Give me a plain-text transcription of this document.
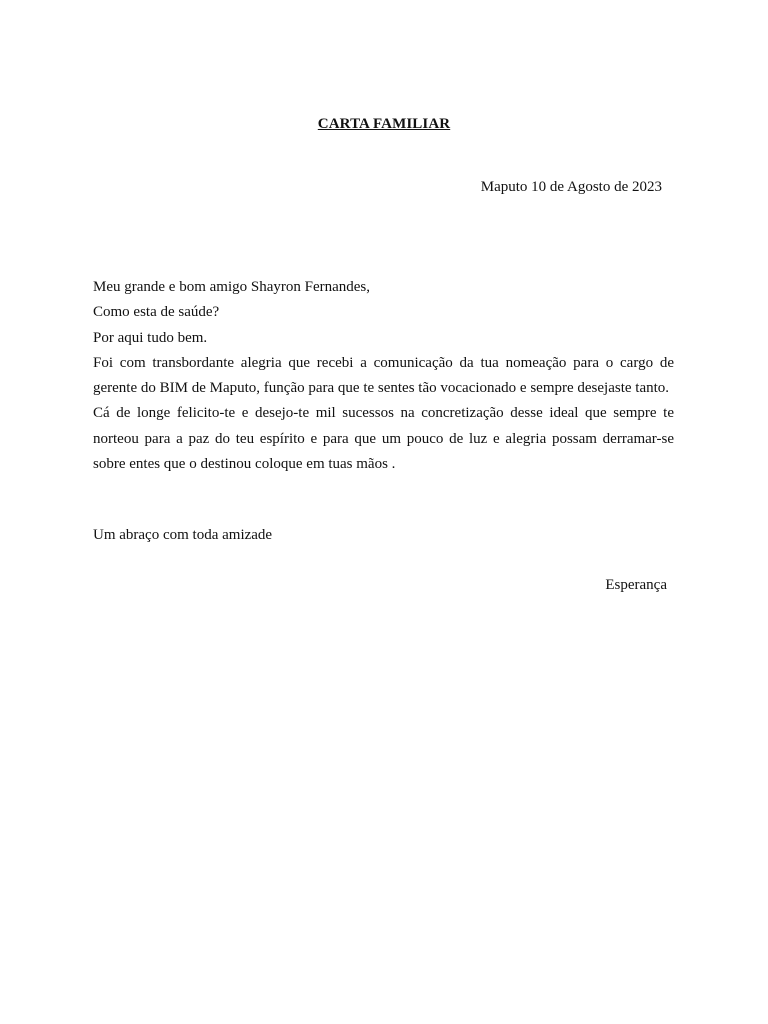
CARTA FAMILIAR
Maputo 10 de Agosto de 2023
Meu grande e bom amigo Shayron Fernandes,
Como esta de saúde?
Por aqui tudo bem.
Foi com transbordante alegria que recebi a comunicação da tua nomeação para o cargo de gerente do BIM de Maputo, função para que te sentes tão vocacionado e sempre desejaste tanto.
Cá de longe felicito-te e desejo-te mil sucessos na concretização desse ideal que sempre te norteou para a paz do teu espírito e para que um pouco de luz e alegria possam derramar-se sobre entes que o destinou coloque em tuas mãos .
Um abraço com toda amizade
Esperança
